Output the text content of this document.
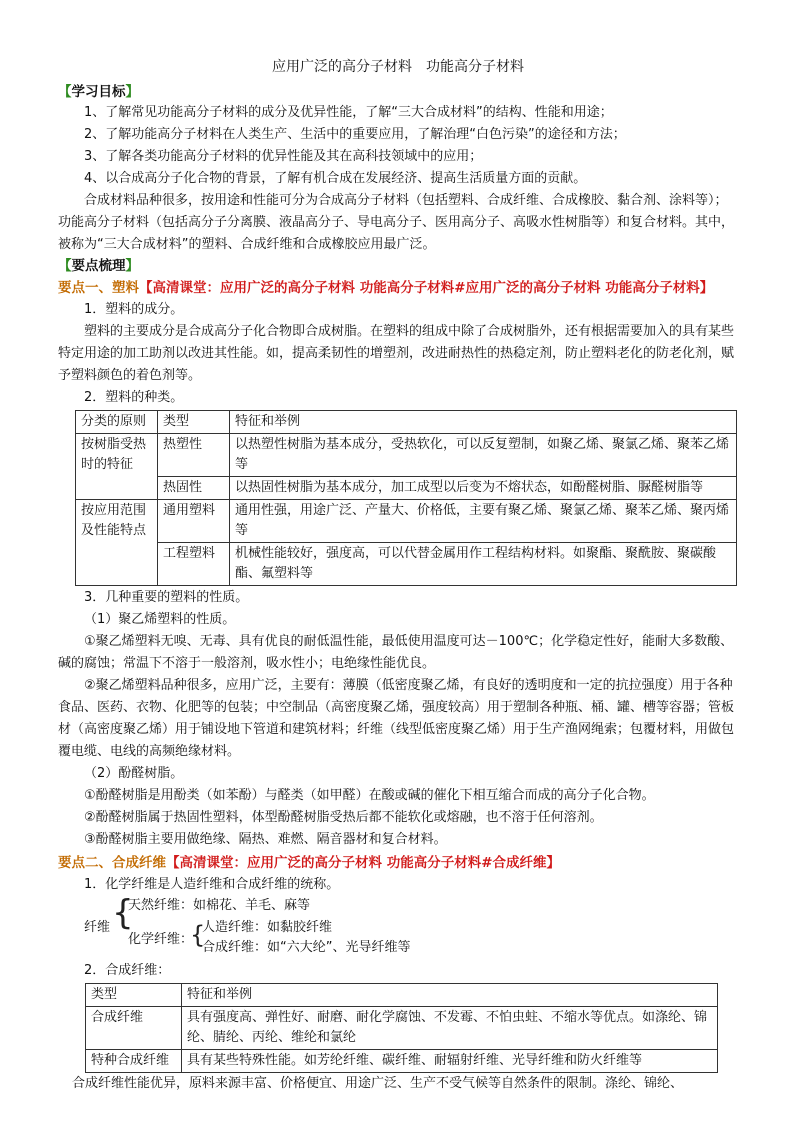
应用广泛的高分子材料　功能高分子材料
【学习目标】

1、了解常见功能高分子材料的成分及优异性能，了解“三大合成材料”的结构、性能和用途；

2、了解功能高分子材料在人类生产、生活中的重要应用，了解治理“白色污染”的途径和方法；

3、了解各类功能高分子材料的优异性能及其在高科技领域中的应用；

4、以合成高分子化合物的背景，了解有机合成在发展经济、提高生活质量方面的贡献。

合成材料品种很多，按用途和性能可分为合成高分子材料（包括塑料、合成纤维、合成橡胶、黏合剂、涂料等）；功能高分子材料（包括高分子分离膜、液晶高分子、导电高分子、医用高分子、高吸水性树脂等）和复合材料。其中，被称为“三大合成材料”的塑料、合成纤维和合成橡胶应用最广泛。

【要点梳理】
要点一、塑料【高清课堂：应用广泛的高分子材料 功能高分子材料#应用广泛的高分子材料 功能高分子材料】

1．塑料的成分。

塑料的主要成分是合成高分子化合物即合成树脂。在塑料的组成中除了合成树脂外，还有根据需要加入的具有某些特定用途的加工助剂以改进其性能。如，提高柔韧性的增塑剂，改进耐热性的热稳定剂，防止塑料老化的防老化剂，赋予塑料颜色的着色剂等。

2．塑料的种类。

分类的原则	类型	特征和举例
按树脂受热时的特征	热塑性	以热塑性树脂为基本成分，受热软化，可以反复塑制，如聚乙烯、聚氯乙烯、聚苯乙烯等
	热固性	以热固性树脂为基本成分，加工成型以后变为不熔状态，如酚醛树脂、脲醛树脂等
按应用范围及性能特点	通用塑料	通用性强，用途广泛、产量大、价格低，主要有聚乙烯、聚氯乙烯、聚苯乙烯、聚丙烯等
	工程塑料	机械性能较好，强度高，可以代替金属用作工程结构材料。如聚酯、聚酰胺、聚碳酸酯、氟塑料等

3．几种重要的塑料的性质。

（1）聚乙烯塑料的性质。

①聚乙烯塑料无嗅、无毒、具有优良的耐低温性能，最低使用温度可达－100℃；化学稳定性好，能耐大多数酸、碱的腐蚀；常温下不溶于一般溶剂，吸水性小；电绝缘性能优良。

②聚乙烯塑料品种很多，应用广泛，主要有：薄膜（低密度聚乙烯，有良好的透明度和一定的抗拉强度）用于各种食品、医药、衣物、化肥等的包装；中空制品（高密度聚乙烯，强度较高）用于塑制各种瓶、桶、罐、槽等容器；管板材（高密度聚乙烯）用于铺设地下管道和建筑材料；纤维（线型低密度聚乙烯）用于生产渔网绳索；包覆材料，用做包覆电缆、电线的高频绝缘材料。

（2）酚醛树脂。

①酚醛树脂是用酚类（如苯酚）与醛类（如甲醛）在酸或碱的催化下相互缩合而成的高分子化合物。

②酚醛树脂属于热固性塑料，体型酚醛树脂受热后都不能软化或熔融，也不溶于任何溶剂。

③酚醛树脂主要用做绝缘、隔热、难燃、隔音器材和复合材料。

要点二、合成纤维【高清课堂：应用广泛的高分子材料 功能高分子材料#合成纤维】

1．化学纤维是人造纤维和合成纤维的统称。

纤维 {
天然纤维：如棉花、羊毛、麻等
化学纤维：
{
人造纤维：如黏胶纤维
合成纤维：如“六大纶”、光导纤维等

2．合成纤维：

类型	特征和举例
合成纤维	具有强度高、弹性好、耐磨、耐化学腐蚀、不发霉、不怕虫蛀、不缩水等优点。如涤纶、锦纶、腈纶、丙纶、维纶和氯纶
特种合成纤维	具有某些特殊性能。如芳纶纤维、碳纤维、耐辐射纤维、光导纤维和防火纤维等

合成纤维性能优异，原料来源丰富、价格便宜、用途广泛、生产不受气候等自然条件的限制。涤纶、锦纶、
